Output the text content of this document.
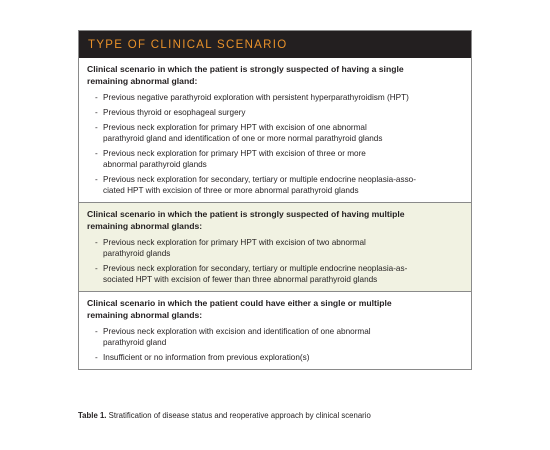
TYPE OF CLINICAL SCENARIO
Clinical scenario in which the patient is strongly suspected of having a single
remaining abnormal gland:
- Previous negative parathyroid exploration with persistent hyperparathyroidism (HPT)
- Previous thyroid or esophageal surgery
- Previous neck exploration for primary HPT with excision of one abnormal
parathyroid gland and identification of one or more normal parathyroid glands
- Previous neck exploration for primary HPT with excision of three or more
abnormal parathyroid glands
- Previous neck exploration for secondary, tertiary or multiple endocrine neoplasia-asso-
ciated HPT with excision of three or more abnormal parathyroid glands
Clinical scenario in which the patient is strongly suspected of having multiple
remaining abnormal glands:
- Previous neck exploration for primary HPT with excision of two abnormal
parathyroid glands
- Previous neck exploration for secondary, tertiary or multiple endocrine neoplasia-as-
sociated HPT with excision of fewer than three abnormal parathyroid glands
Clinical scenario in which the patient could have either a single or multiple
remaining abnormal glands:
- Previous neck exploration with excision and identification of one abnormal
parathyroid gland
- Insufficient or no information from previous exploration(s)
Table 1. Stratification of disease status and reoperative approach by clinical scenario
